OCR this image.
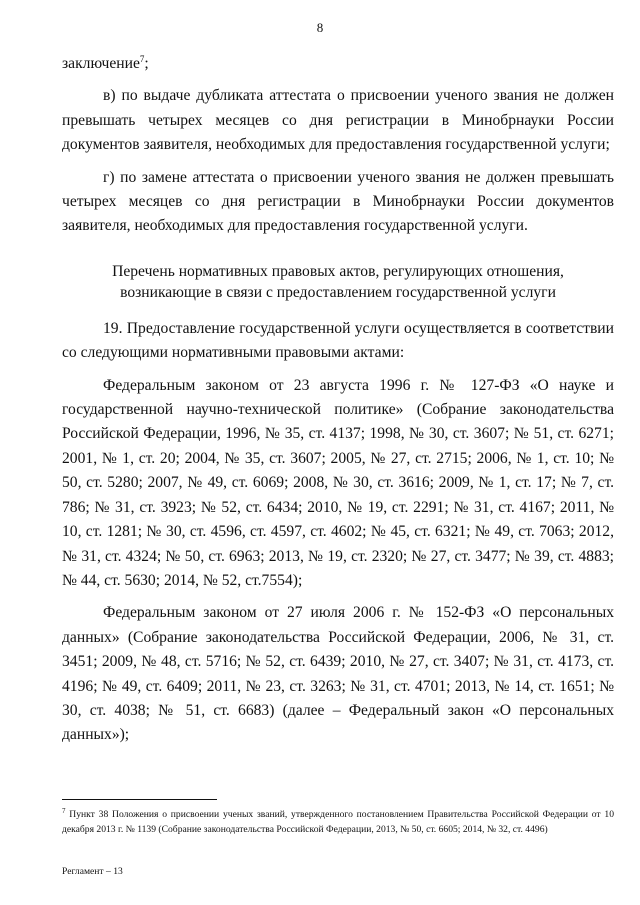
8

заключение$^7$;

в) по выдаче дубликата аттестата о присвоении ученого звания не должен превышать четырех месяцев со дня регистрации в Минобрнауки России документов заявителя, необходимых для предоставления государственной услуги;

г) по замене аттестата о присвоении ученого звания не должен превышать четырех месяцев со дня регистрации в Минобрнауки России документов заявителя, необходимых для предоставления государственной услуги.

Перечень нормативных правовых актов, регулирующих отношения,
возникающие в связи с предоставлением государственной услуги

19. Предоставление государственной услуги осуществляется в соответствии со следующими нормативными правовыми актами:

Федеральным законом от 23 августа 1996 г. № 127-ФЗ «О науке и государственной научно-технической политике» (Собрание законодательства Российской Федерации, 1996, № 35, ст. 4137; 1998, № 30, ст. 3607; № 51, ст. 6271; 2001, № 1, ст. 20; 2004, № 35, ст. 3607; 2005, № 27, ст. 2715; 2006, № 1, ст. 10; № 50, ст. 5280; 2007, № 49, ст. 6069; 2008, № 30, ст. 3616; 2009, № 1, ст. 17; № 7, ст. 786; № 31, ст. 3923; № 52, ст. 6434; 2010, № 19, ст. 2291; № 31, ст. 4167; 2011, № 10, ст. 1281; № 30, ст. 4596, ст. 4597, ст. 4602; № 45, ст. 6321; № 49, ст. 7063; 2012, № 31, ст. 4324; № 50, ст. 6963; 2013, № 19, ст. 2320; № 27, ст. 3477; № 39, ст. 4883; № 44, ст. 5630; 2014, № 52, ст.7554);

Федеральным законом от 27 июля 2006 г. № 152-ФЗ «О персональных данных» (Собрание законодательства Российской Федерации, 2006, № 31, ст. 3451; 2009, № 48, ст. 5716; № 52, ст. 6439; 2010, № 27, ст. 3407; № 31, ст. 4173, ст. 4196; № 49, ст. 6409; 2011, № 23, ст. 3263; № 31, ст. 4701; 2013, № 14, ст. 1651; № 30, ст. 4038; № 51, ст. 6683) (далее – Федеральный закон «О персональных данных»);

$^7$ Пункт 38 Положения о присвоении ученых званий, утвержденного постановлением Правительства Российской Федерации от 10 декабря 2013 г. № 1139 (Собрание законодательства Российской Федерации, 2013, № 50, ст. 6605; 2014, № 32, ст. 4496)
Регламент – 13
